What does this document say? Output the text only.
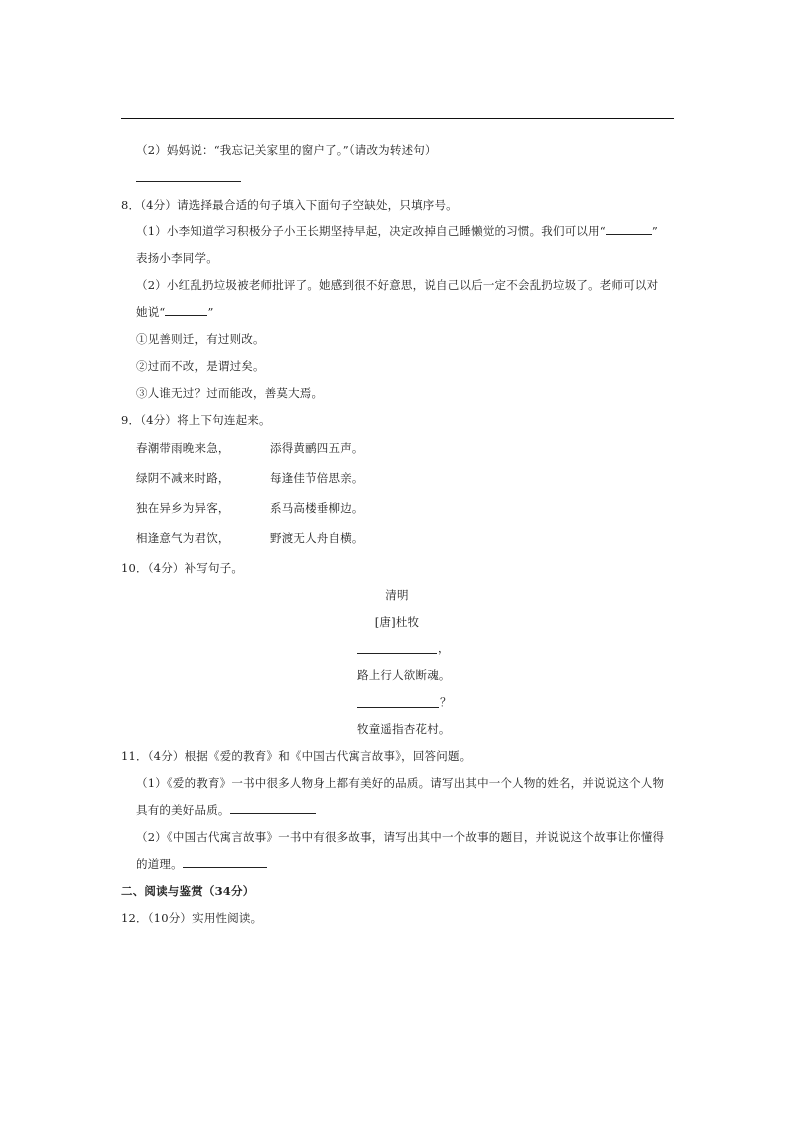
（2）妈妈说：“我忘记关家里的窗户了。”（请改为转述句）
8．（4分）请选择最合适的句子填入下面句子空缺处，只填序号。
（1）小李知道学习积极分子小王长期坚持早起，决定改掉自己睡懒觉的习惯。我们可以用“	”
表扬小李同学。
（2）小红乱扔垃圾被老师批评了。她感到很不好意思，说自己以后一定不会乱扔垃圾了。老师可以对
她说“	”
①见善则迁，有过则改。
②过而不改，是谓过矣。
③人谁无过？过而能改，善莫大焉。
9．（4分）将上下句连起来。
春潮带雨晚来急，	添得黄鹂四五声。
绿阴不减来时路，	每逢佳节倍思亲。
独在异乡为异客，	系马高楼垂柳边。
相逢意气为君饮，	野渡无人舟自横。
10．（4分）补写句子。
清明
[唐]杜牧
，
路上行人欲断魂。
？
牧童遥指杏花村。
11．（4分）根据《爱的教育》和《中国古代寓言故事》，回答问题。
（1）《爱的教育》一书中很多人物身上都有美好的品质。请写出其中一个人物的姓名，并说说这个人物
具有的美好品质。
（2）《中国古代寓言故事》一书中有很多故事，请写出其中一个故事的题目，并说说这个故事让你懂得
的道理。
二、阅读与鉴赏（34分）
12．（10分）实用性阅读。
